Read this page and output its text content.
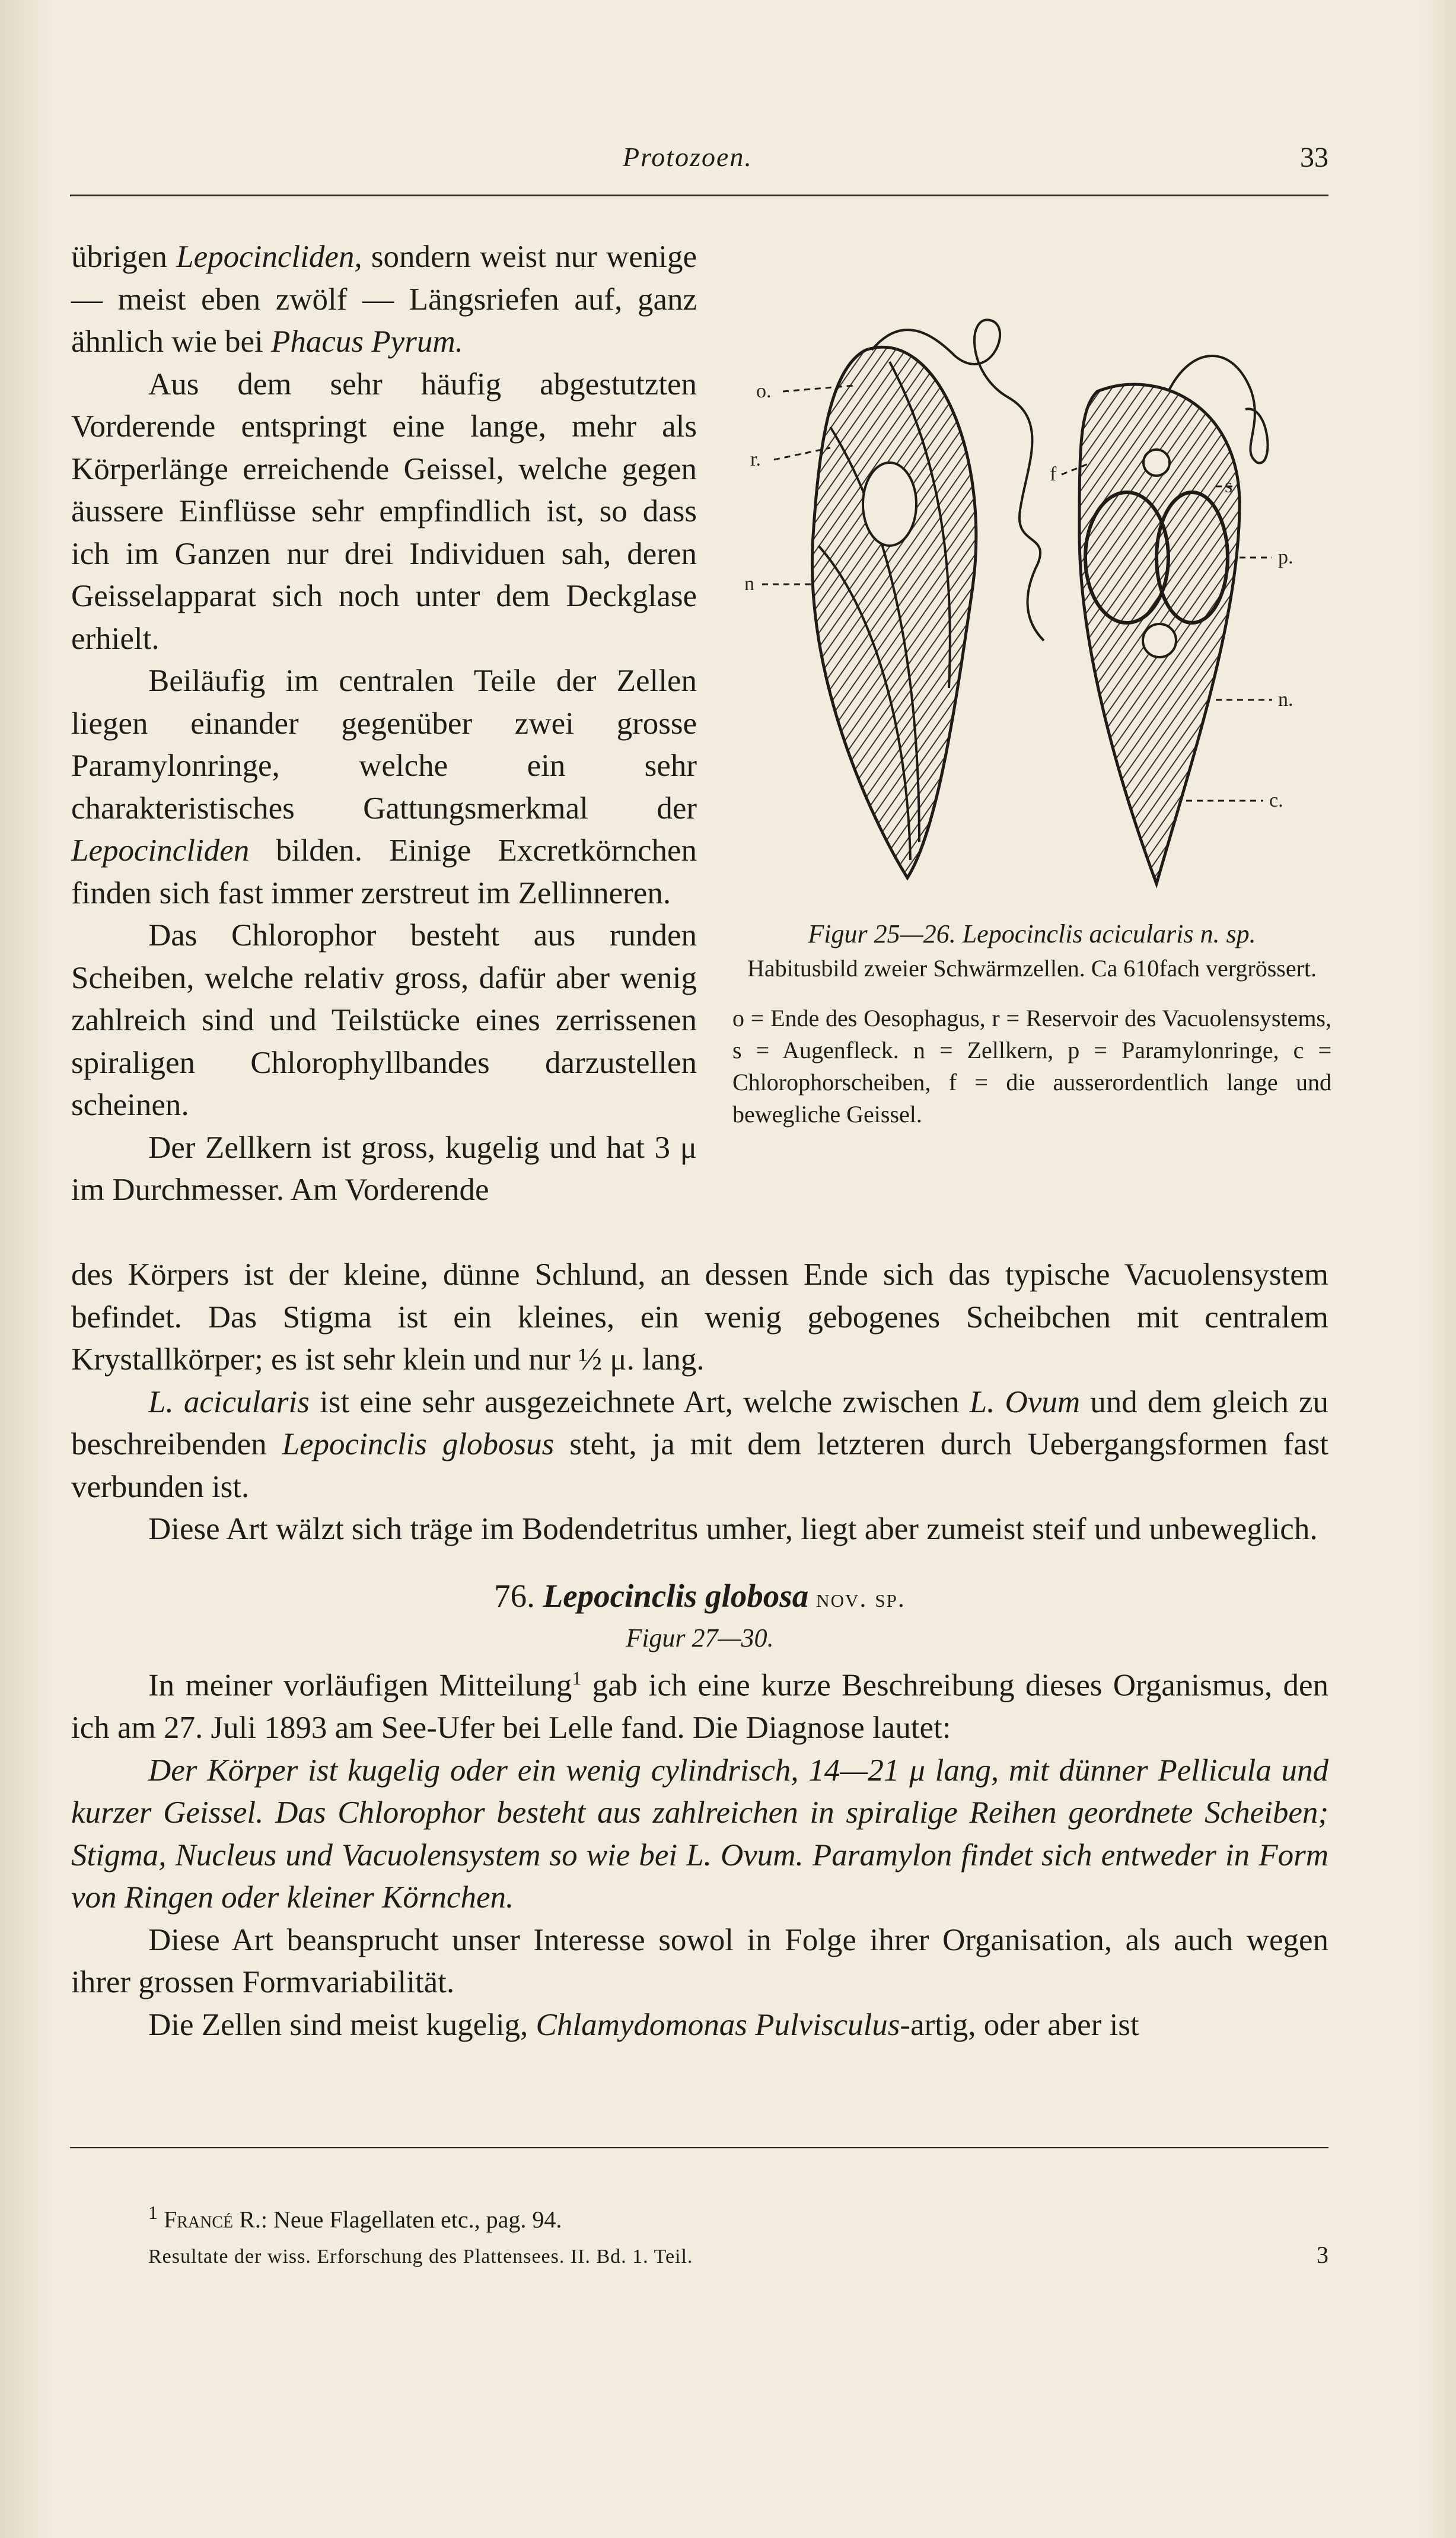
Protozoen.	33

übrigen Lepocincliden, sondern weist nur wenige — meist eben zwölf — Längsriefen auf, ganz ähnlich wie bei Phacus Pyrum.

Aus dem sehr häufig abgestutzten Vorderende entspringt eine lange, mehr als Körperlänge erreichende Geissel, welche gegen äussere Einflüsse sehr empfindlich ist, so dass ich im Ganzen nur drei Individuen sah, deren Geisselapparat sich noch unter dem Deckglase erhielt.

Beiläufig im centralen Teile der Zellen liegen einander gegenüber zwei grosse Paramylonringe, welche ein sehr charakteristisches Gattungsmerkmal der Lepocincliden bilden. Einige Excretkörnchen finden sich fast immer zerstreut im Zellinneren.

Das Chlorophor besteht aus runden Scheiben, welche relativ gross, dafür aber wenig zahlreich sind und Teilstücke eines zerrissenen spiraligen Chlorophyllbandes darzustellen scheinen.

Der Zellkern ist gross, kugelig und hat 3 μ im Durchmesser. Am Vorderende

o.
r.
n
f
s
p.
n.
c.
Figur 25—26. Lepocinclis acicularis n. sp.
Habitusbild zweier Schwärmzellen. Ca 610fach vergrössert.
o = Ende des Oesophagus, r = Reservoir des Vacuolensystems, s = Augenfleck. n = Zellkern, p = Paramylonringe, c = Chlorophorscheiben, f = die ausserordentlich lange und bewegliche Geissel.

des Körpers ist der kleine, dünne Schlund, an dessen Ende sich das typische Vacuolensystem befindet. Das Stigma ist ein kleines, ein wenig gebogenes Scheibchen mit centralem Krystallkörper; es ist sehr klein und nur ½ μ. lang.

L. acicularis ist eine sehr ausgezeichnete Art, welche zwischen L. Ovum und dem gleich zu beschreibenden Lepocinclis globosus steht, ja mit dem letzteren durch Uebergangsformen fast verbunden ist.

Diese Art wälzt sich träge im Bodendetritus umher, liegt aber zumeist steif und unbeweglich.

76. Lepocinclis globosa nov. sp.
Figur 27—30.

In meiner vorläufigen Mitteilung$^1$ gab ich eine kurze Beschreibung dieses Organismus, den ich am 27. Juli 1893 am See-Ufer bei Lelle fand. Die Diagnose lautet:

Der Körper ist kugelig oder ein wenig cylindrisch, 14—21 μ lang, mit dünner Pellicula und kurzer Geissel. Das Chlorophor besteht aus zahlreichen in spiralige Reihen geordnete Scheiben; Stigma, Nucleus und Vacuolensystem so wie bei L. Ovum. Paramylon findet sich entweder in Form von Ringen oder kleiner Körnchen.

Diese Art beansprucht unser Interesse sowol in Folge ihrer Organisation, als auch wegen ihrer grossen Formvariabilität.

Die Zellen sind meist kugelig, Chlamydomonas Pulvisculus-artig, oder aber ist

$^1$ Francé R.: Neue Flagellaten etc., pag. 94.
Resultate der wiss. Erforschung des Plattensees. II. Bd. 1. Teil.	3
